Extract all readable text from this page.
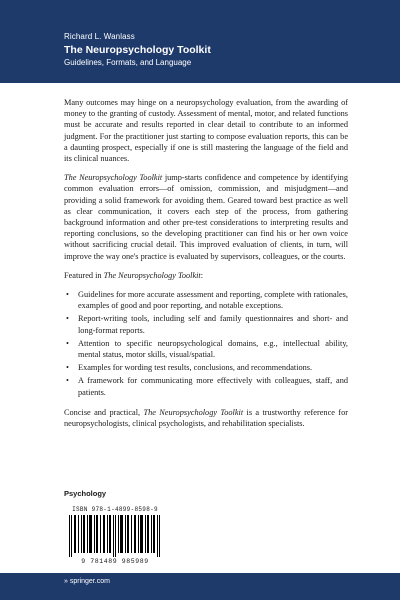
Richard L. Wanlass
The Neuropsychology Toolkit
Guidelines, Formats, and Language

Many outcomes may hinge on a neuropsychology evaluation, from the awarding of money to the granting of custody. Assessment of mental, motor, and related functions must be accurate and results reported in clear detail to contribute to an informed judgment. For the practitioner just starting to compose evaluation reports, this can be a daunting prospect, especially if one is still mastering the language of the field and its clinical nuances.

The Neuropsychology Toolkit jump-starts confidence and competence by identifying common evaluation errors—of omission, commission, and misjudgment—and providing a solid framework for avoiding them. Geared toward best practice as well as clear communication, it covers each step of the process, from gathering background information and other pre-test considerations to interpreting results and reporting conclusions, so the developing practitioner can find his or her own voice without sacrificing crucial detail. This improved evaluation of clients, in turn, will improve the way one's practice is evaluated by supervisors, colleagues, or the courts.

Featured in The Neuropsychology Toolkit:

• Guidelines for more accurate assessment and reporting, complete with rationales, examples of good and poor reporting, and notable exceptions.
• Report-writing tools, including self and family questionnaires and short- and long-format reports.
• Attention to specific neuropsychological domains, e.g., intellectual ability, mental status, motor skills, visual/spatial.
• Examples for wording test results, conclusions, and recommendations.
• A framework for communicating more effectively with colleagues, staff, and patients.

Concise and practical, The Neuropsychology Toolkit is a trustworthy reference for neuropsychologists, clinical psychologists, and rehabilitation specialists.

Psychology
ISBN 978-1-4899-8598-9
9 781489 985989
» springer.com
